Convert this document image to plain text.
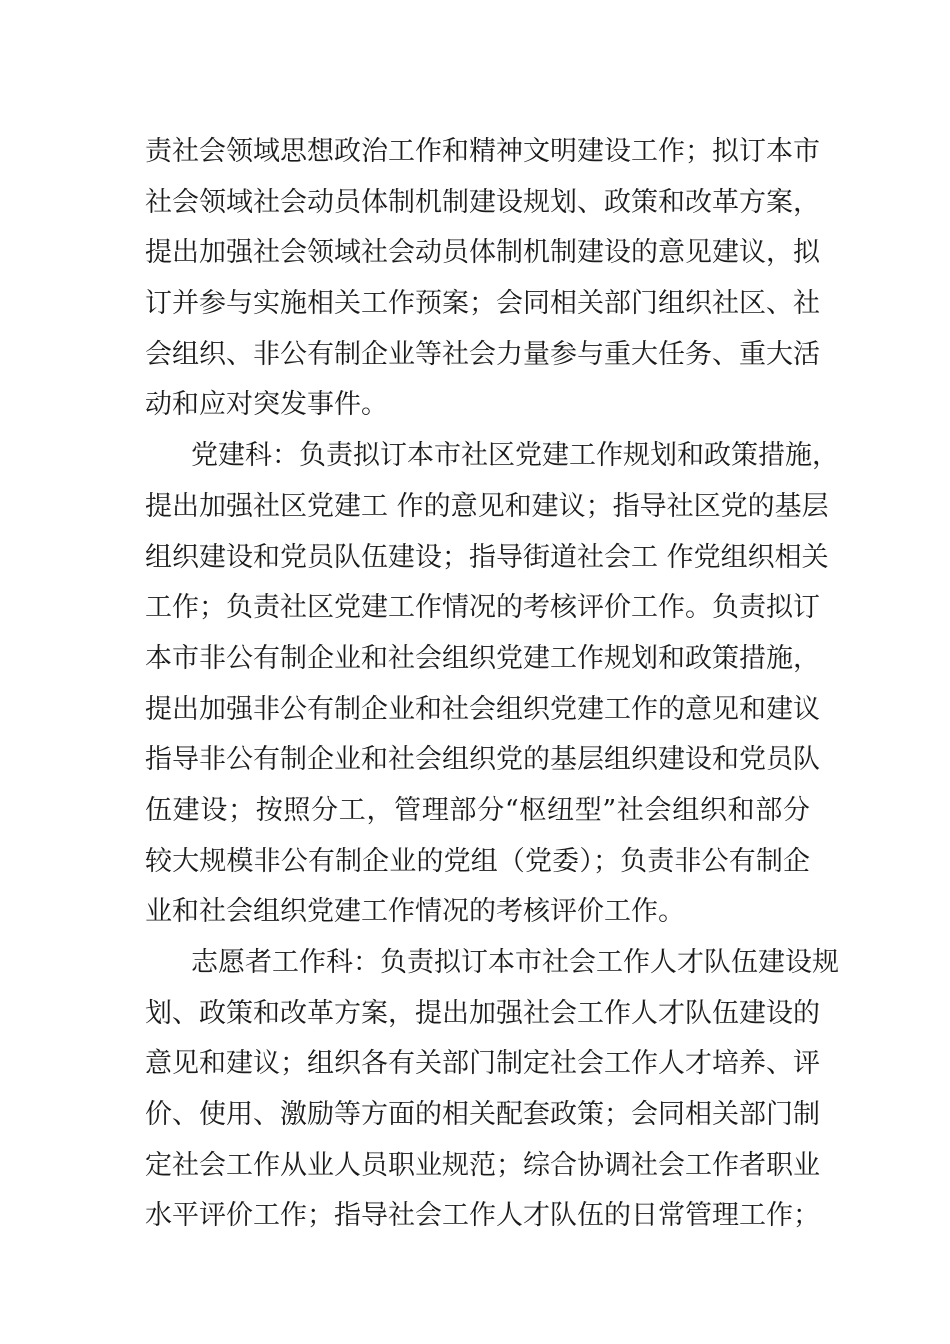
责社会领域思想政治工作和精神文明建设工作；拟订本市
社会领域社会动员体制机制建设规划、政策和改革方案，
提出加强社会领域社会动员体制机制建设的意见建议，拟
订并参与实施相关工作预案；会同相关部门组织社区、社
会组织、非公有制企业等社会力量参与重大任务、重大活
动和应对突发事件。
党建科：负责拟订本市社区党建工作规划和政策措施，
提出加强社区党建工 作的意见和建议；指导社区党的基层
组织建设和党员队伍建设；指导街道社会工 作党组织相关
工作；负责社区党建工作情况的考核评价工作。负责拟订
本市非公有制企业和社会组织党建工作规划和政策措施，
提出加强非公有制企业和社会组织党建工作的意见和建议
指导非公有制企业和社会组织党的基层组织建设和党员队
伍建设；按照分工，管理部分“枢纽型”社会组织和部分
较大规模非公有制企业的党组（党委）；负责非公有制企
业和社会组织党建工作情况的考核评价工作。
志愿者工作科：负责拟订本市社会工作人才队伍建设规
划、政策和改革方案，提出加强社会工作人才队伍建设的
意见和建议；组织各有关部门制定社会工作人才培养、评
价、使用、激励等方面的相关配套政策；会同相关部门制
定社会工作从业人员职业规范；综合协调社会工作者职业
水平评价工作；指导社会工作人才队伍的日常管理工作；
